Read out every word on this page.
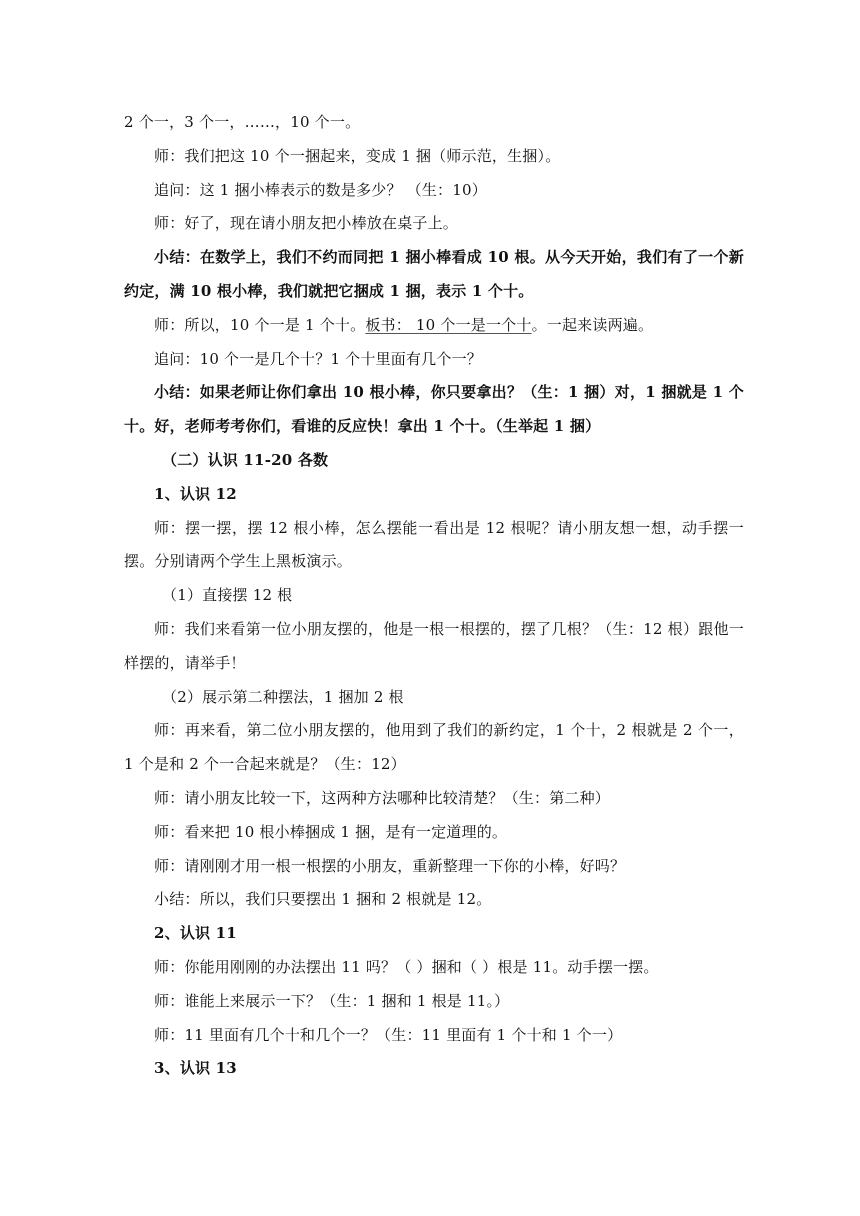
2 个一，3 个一，……，10 个一。
师：我们把这 10 个一捆起来，变成 1 捆（师示范，生捆）。
追问：这 1 捆小棒表示的数是多少？ （生：10）
师：好了，现在请小朋友把小棒放在桌子上。
小结：在数学上，我们不约而同把 1 捆小棒看成 10 根。从今天开始，我们有了一个新约定，满 10 根小棒，我们就把它捆成 1 捆，表示 1 个十。
师：所以，10 个一是 1 个十。板书： 10 个一是一个十。一起来读两遍。
追问：10 个一是几个十？1 个十里面有几个一？
小结：如果老师让你们拿出 10 根小棒，你只要拿出？（生：1 捆）对，1 捆就是 1 个十。好，老师考考你们，看谁的反应快！拿出 1 个十。（生举起 1 捆）
（二）认识 11-20 各数
1、认识 12
师：摆一摆，摆 12 根小棒，怎么摆能一看出是 12 根呢？请小朋友想一想，动手摆一摆。分别请两个学生上黑板演示。
（1）直接摆 12 根
师：我们来看第一位小朋友摆的，他是一根一根摆的，摆了几根？（生：12 根）跟他一样摆的，请举手！
（2）展示第二种摆法，1 捆加 2 根
师：再来看，第二位小朋友摆的，他用到了我们的新约定，1 个十，2 根就是 2 个一，1 个是和 2 个一合起来就是？（生：12）
师：请小朋友比较一下，这两种方法哪种比较清楚？（生：第二种）
师：看来把 10 根小棒捆成 1 捆，是有一定道理的。
师：请刚刚才用一根一根摆的小朋友，重新整理一下你的小棒，好吗？
小结：所以，我们只要摆出 1 捆和 2 根就是 12。
2、认识 11
师：你能用刚刚的办法摆出 11 吗？（ ）捆和（ ）根是 11。动手摆一摆。
师：谁能上来展示一下？（生：1 捆和 1 根是 11。）
师：11 里面有几个十和几个一？（生：11 里面有 1 个十和 1 个一）
3、认识 13
